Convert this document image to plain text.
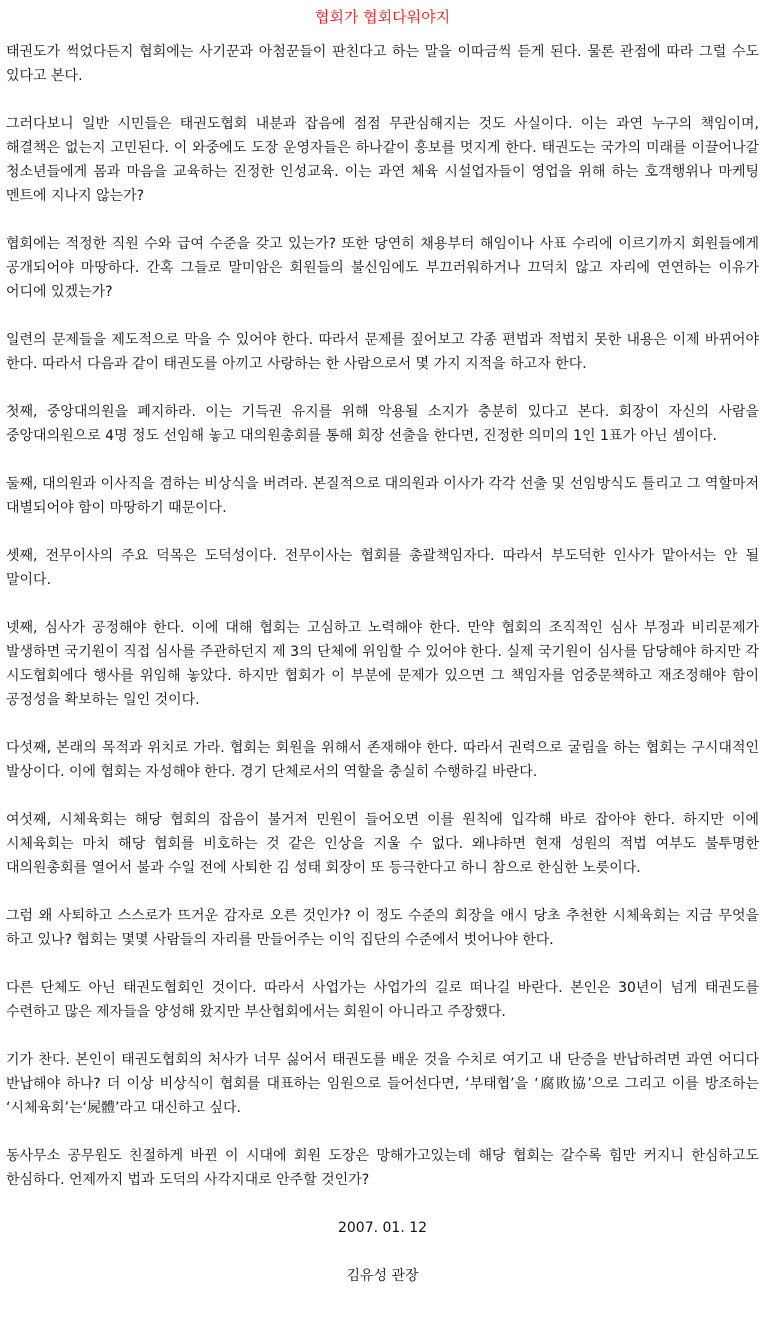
협회가 협회다워야지

태권도가 썩었다든지 협회에는 사기꾼과 아첨꾼들이 판친다고 하는 말을 이따금씩 듣게 된다. 물론 관점에 따라 그럴 수도 있다고 본다.

그러다보니 일반 시민들은 태권도협회 내분과 잡음에 점점 무관심해지는 것도 사실이다. 이는 과연 누구의 책임이며, 해결책은 없는지 고민된다. 이 와중에도 도장 운영자들은 하나같이 홍보를 멋지게 한다. 태권도는 국가의 미래를 이끌어나갈 청소년들에게 몸과 마음을 교육하는 진정한 인성교육. 이는 과연 체육 시설업자들이 영업을 위해 하는 호객행위나 마케팅 멘트에 지나지 않는가?

협회에는 적정한 직원 수와 급여 수준을 갖고 있는가? 또한 당연히 채용부터 해임이나 사표 수리에 이르기까지 회원들에게 공개되어야 마땅하다. 간혹 그들로 말미암은 회원들의 불신임에도 부끄러워하거나 끄덕치 않고 자리에 연연하는 이유가 어디에 있겠는가?

일련의 문제들을 제도적으로 막을 수 있어야 한다. 따라서 문제를 짚어보고 각종 편법과 적법치 못한 내용은 이제 바뀌어야 한다. 따라서 다음과 같이 태권도를 아끼고 사랑하는 한 사람으로서 몇 가지 지적을 하고자 한다.

첫째, 중앙대의원을 폐지하라. 이는 기득권 유지를 위해 악용될 소지가 충분히 있다고 본다. 회장이 자신의 사람을 중앙대의원으로 4명 정도 선임해 놓고 대의원총회를 통해 회장 선출을 한다면, 진정한 의미의 1인 1표가 아닌 셈이다.

둘째, 대의원과 이사직을 겸하는 비상식을 버려라. 본질적으로 대의원과 이사가 각각 선출 및 선임방식도 틀리고 그 역할마저 대별되어야 함이 마땅하기 때문이다.

셋째, 전무이사의 주요 덕목은 도덕성이다. 전무이사는 협회를 총괄책임자다. 따라서 부도덕한 인사가 맡아서는 안 될 말이다.

넷째, 심사가 공정해야 한다. 이에 대해 협회는 고심하고 노력해야 한다. 만약 협회의 조직적인 심사 부정과 비리문제가 발생하면 국기원이 직접 심사를 주관하던지 제 3의 단체에 위임할 수 있어야 한다. 실제 국기원이 심사를 담당해야 하지만 각 시도협회에다 행사를 위임해 놓았다. 하지만 협회가 이 부분에 문제가 있으면 그 책임자를 엄중문책하고 재조정해야 함이 공정성을 확보하는 일인 것이다.

다섯째, 본래의 목적과 위치로 가라. 협회는 회원을 위해서 존재해야 한다. 따라서 권력으로 굴림을 하는 협회는 구시대적인 발상이다. 이에 협회는 자성해야 한다. 경기 단체로서의 역할을 충실히 수행하길 바란다.

여섯째, 시체육회는 해당 협회의 잡음이 불거져 민원이 들어오면 이를 원칙에 입각해 바로 잡아야 한다. 하지만 이에 시체육회는 마치 해당 협회를 비호하는 것 같은 인상을 지울 수 없다. 왜냐하면 현재 성원의 적법 여부도 불투명한 대의원총회를 열어서 불과 수일 전에 사퇴한 김 성태 회장이 또 등극한다고 하니 참으로 한심한 노릇이다.

그럼 왜 사퇴하고 스스로가 뜨거운 감자로 오른 것인가? 이 정도 수준의 회장을 애시 당초 추천한 시체육회는 지금 무엇을 하고 있나? 협회는 몇몇 사람들의 자리를 만들어주는 이익 집단의 수준에서 벗어나야 한다.

다른 단체도 아닌 태권도협회인 것이다. 따라서 사업가는 사업가의 길로 떠나길 바란다. 본인은 30년이 넘게 태권도를 수련하고 많은 제자들을 양성해 왔지만 부산협회에서는 회원이 아니라고 주장했다.

기가 찬다. 본인이 태권도협회의 처사가 너무 싫어서 태권도를 배운 것을 수치로 여기고 내 단증을 반납하려면 과연 어디다 반납해야 하나? 더 이상 비상식이 협회를 대표하는 임원으로 들어선다면, ‘부태협’을 ‘腐敗協’으로 그리고 이를 방조하는 ‘시체육회’는‘屍體’라고 대신하고 싶다.

동사무소 공무원도 친절하게 바뀐 이 시대에 회원 도장은 망해가고있는데 해당 협회는 갈수록 힘만 커지니 한심하고도 한심하다. 언제까지 법과 도덕의 사각지대로 안주할 것인가?

2007. 01. 12

김유성 관장
